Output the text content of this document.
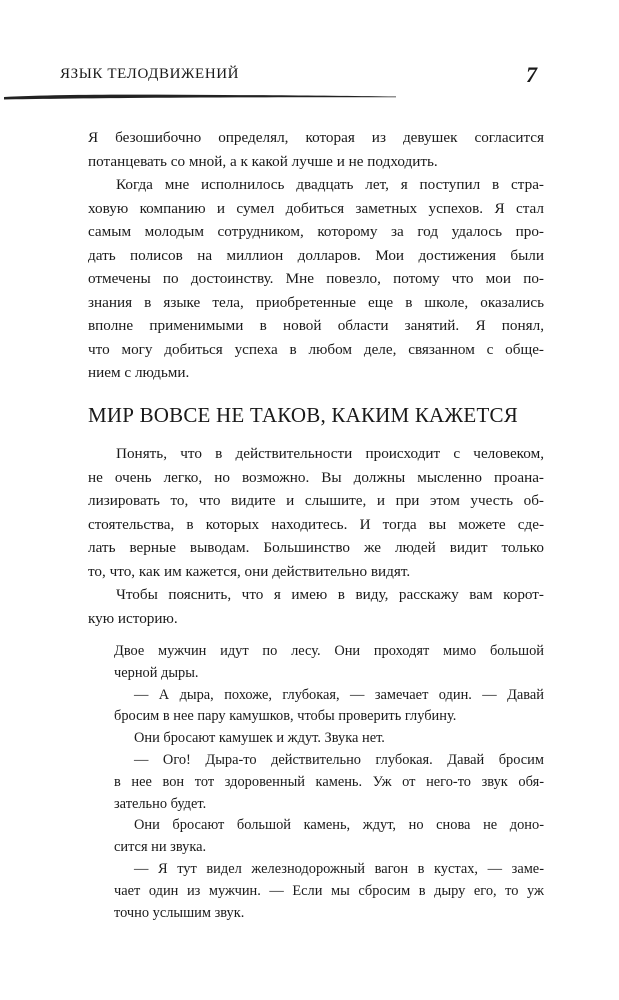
ЯЗЫК ТЕЛОДВИЖЕНИЙ	7

Я безошибочно определял, которая из девушек согласится
потанцевать со мной, а к какой лучше и не подходить.

Когда мне исполнилось двадцать лет, я поступил в стра-
ховую компанию и сумел добиться заметных успехов. Я стал
самым молодым сотрудником, которому за год удалось про-
дать полисов на миллион долларов. Мои достижения были
отмечены по достоинству. Мне повезло, потому что мои по-
знания в языке тела, приобретенные еще в школе, оказались
вполне применимыми в новой области занятий. Я понял,
что могу добиться успеха в любом деле, связанном с обще-
нием с людьми.

МИР ВОВСЕ НЕ ТАКОВ, КАКИМ КАЖЕТСЯ

Понять, что в действительности происходит с человеком,
не очень легко, но возможно. Вы должны мысленно проана-
лизировать то, что видите и слышите, и при этом учесть об-
стоятельства, в которых находитесь. И тогда вы можете сде-
лать верные выводам. Большинство же людей видит только
то, что, как им кажется, они действительно видят.

Чтобы пояснить, что я имею в виду, расскажу вам корот-
кую историю.

Двое мужчин идут по лесу. Они проходят мимо большой
черной дыры.

— А дыра, похоже, глубокая, — замечает один. — Давай
бросим в нее пару камушков, чтобы проверить глубину.

Они бросают камушек и ждут. Звука нет.

— Ого! Дыра-то действительно глубокая. Давай бросим
в нее вон тот здоровенный камень. Уж от него-то звук обя-
зательно будет.

Они бросают большой камень, ждут, но снова не доно-
сится ни звука.

— Я тут видел железнодорожный вагон в кустах, — заме-
чает один из мужчин. — Если мы сбросим в дыру его, то уж
точно услышим звук.
